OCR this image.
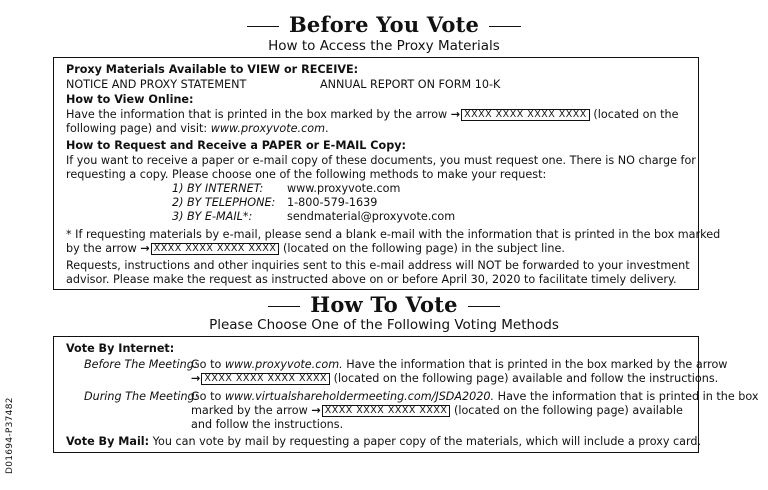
Before You Vote
How to Access the Proxy Materials
Proxy Materials Available to VIEW or RECEIVE:
NOTICE AND PROXY STATEMENT	ANNUAL REPORT ON FORM 10-K
How to View Online:
Have the information that is printed in the box marked by the arrow → XXXX XXXX XXXX XXXX (located on the
following page) and visit: www.proxyvote.com.
How to Request and Receive a PAPER or E-MAIL Copy:
If you want to receive a paper or e-mail copy of these documents, you must request one. There is NO charge for
requesting a copy. Please choose one of the following methods to make your request:
1) BY INTERNET: www.proxyvote.com
2) BY TELEPHONE: 1-800-579-1639
3) BY E-MAIL*:	sendmaterial@proxyvote.com
* If requesting materials by e-mail, please send a blank e-mail with the information that is printed in the box marked
by the arrow → XXXX XXXX XXXX XXXX (located on the following page) in the subject line.
Requests, instructions and other inquiries sent to this e-mail address will NOT be forwarded to your investment
advisor. Please make the request as instructed above on or before April 30, 2020 to facilitate timely delivery.
How To Vote
Please Choose One of the Following Voting Methods
Vote By Internet:
Before The Meeting:
Go to www.proxyvote.com. Have the information that is printed in the box marked by the arrow
→ XXXX XXXX XXXX XXXX (located on the following page) available and follow the instructions.
During The Meeting:
Go to www.virtualshareholdermeeting.com/JSDA2020. Have the information that is printed in the box
marked by the arrow → XXXX XXXX XXXX XXXX (located on the following page) available
and follow the instructions.
Vote By Mail: You can vote by mail by requesting a paper copy of the materials, which will include a proxy card.
D01694-P37482
